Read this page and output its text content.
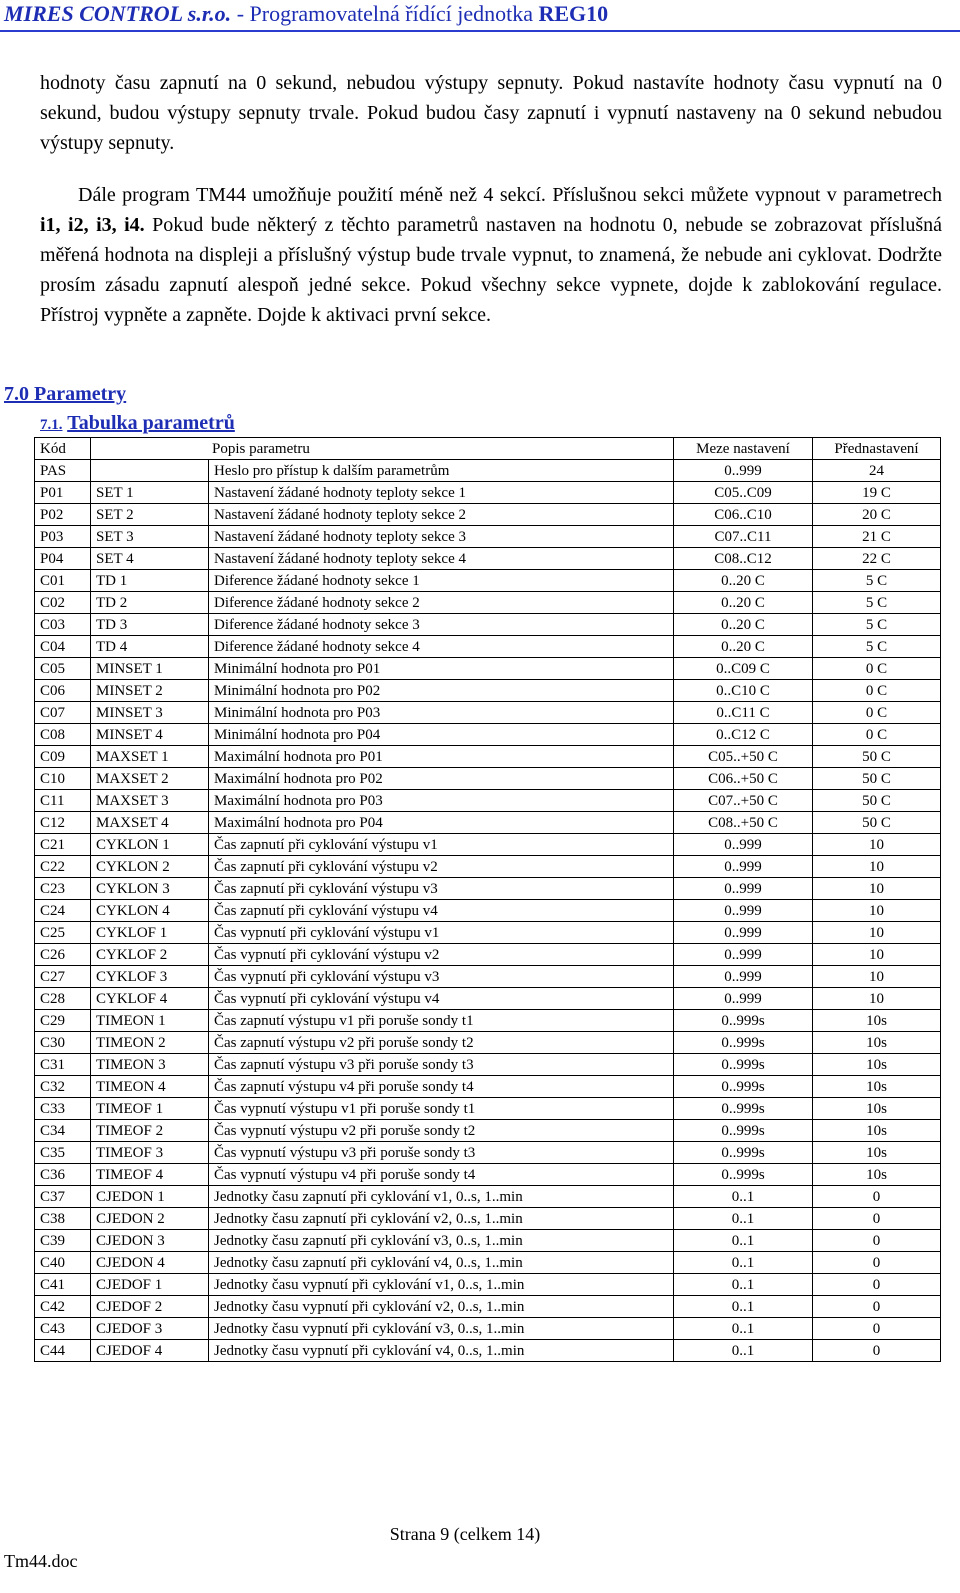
MIRES CONTROL s.r.o. - Programovatelná řídící jednotka REG10

hodnoty času zapnutí na 0 sekund, nebudou výstupy sepnuty. Pokud nastavíte hodnoty času vypnutí na 0 sekund, budou výstupy sepnuty trvale. Pokud budou časy zapnutí i vypnutí nastaveny na 0 sekund nebudou výstupy sepnuty.

Dále program TM44 umožňuje použití méně než 4 sekcí. Příslušnou sekci můžete vypnout v parametrech i1, i2, i3, i4. Pokud bude některý z těchto parametrů nastaven na hodnotu 0, nebude se zobrazovat příslušná měřená hodnota na displeji a příslušný výstup bude trvale vypnut, to znamená, že nebude ani cyklovat. Dodržte prosím zásadu zapnutí alespoň jedné sekce. Pokud všechny sekce vypnete, dojde k zablokování regulace. Přístroj vypněte a zapněte. Dojde k aktivaci první sekce.

7.0 Parametry
7.1. Tabulka parametrů
Kód	Popis parametru		Meze nastavení	Přednastavení
PAS		Heslo pro přístup k dalším parametrům	0..999	24
P01	SET 1	Nastavení žádané hodnoty teploty sekce 1	C05..C09	19 C
P02	SET 2	Nastavení žádané hodnoty teploty sekce 2	C06..C10	20 C
P03	SET 3	Nastavení žádané hodnoty teploty sekce 3	C07..C11	21 C
P04	SET 4	Nastavení žádané hodnoty teploty sekce 4	C08..C12	22 C
C01	TD 1	Diference žádané hodnoty sekce 1	0..20 C	5 C
C02	TD 2	Diference žádané hodnoty sekce 2	0..20 C	5 C
C03	TD 3	Diference žádané hodnoty sekce 3	0..20 C	5 C
C04	TD 4	Diference žádané hodnoty sekce 4	0..20 C	5 C
C05	MINSET 1	Minimální hodnota pro P01	0..C09 C	0 C
C06	MINSET 2	Minimální hodnota pro P02	0..C10 C	0 C
C07	MINSET 3	Minimální hodnota pro P03	0..C11 C	0 C
C08	MINSET 4	Minimální hodnota pro P04	0..C12 C	0 C
C09	MAXSET 1	Maximální hodnota pro P01	C05..+50 C	50 C
C10	MAXSET 2	Maximální hodnota pro P02	C06..+50 C	50 C
C11	MAXSET 3	Maximální hodnota pro P03	C07..+50 C	50 C
C12	MAXSET 4	Maximální hodnota pro P04	C08..+50 C	50 C
C21	CYKLON 1	Čas zapnutí při cyklování výstupu v1	0..999	10
C22	CYKLON 2	Čas zapnutí při cyklování výstupu v2	0..999	10
C23	CYKLON 3	Čas zapnutí při cyklování výstupu v3	0..999	10
C24	CYKLON 4	Čas zapnutí při cyklování výstupu v4	0..999	10
C25	CYKLOF 1	Čas vypnutí při cyklování výstupu v1	0..999	10
C26	CYKLOF 2	Čas vypnutí při cyklování výstupu v2	0..999	10
C27	CYKLOF 3	Čas vypnutí při cyklování výstupu v3	0..999	10
C28	CYKLOF 4	Čas vypnutí při cyklování výstupu v4	0..999	10
C29	TIMEON 1	Čas zapnutí výstupu v1 při poruše sondy t1	0..999s	10s
C30	TIMEON 2	Čas zapnutí výstupu v2 při poruše sondy t2	0..999s	10s
C31	TIMEON 3	Čas zapnutí výstupu v3 při poruše sondy t3	0..999s	10s
C32	TIMEON 4	Čas zapnutí výstupu v4 při poruše sondy t4	0..999s	10s
C33	TIMEOF 1	Čas vypnutí výstupu v1 při poruše sondy t1	0..999s	10s
C34	TIMEOF 2	Čas vypnutí výstupu v2 při poruše sondy t2	0..999s	10s
C35	TIMEOF 3	Čas vypnutí výstupu v3 při poruše sondy t3	0..999s	10s
C36	TIMEOF 4	Čas vypnutí výstupu v4 při poruše sondy t4	0..999s	10s
C37	CJEDON 1	Jednotky času zapnutí při cyklování v1, 0..s, 1..min	0..1	0
C38	CJEDON 2	Jednotky času zapnutí při cyklování v2, 0..s, 1..min	0..1	0
C39	CJEDON 3	Jednotky času zapnutí při cyklování v3, 0..s, 1..min	0..1	0
C40	CJEDON 4	Jednotky času zapnutí při cyklování v4, 0..s, 1..min	0..1	0
C41	CJEDOF 1	Jednotky času vypnutí při cyklování v1, 0..s, 1..min	0..1	0
C42	CJEDOF 2	Jednotky času vypnutí při cyklování v2, 0..s, 1..min	0..1	0
C43	CJEDOF 3	Jednotky času vypnutí při cyklování v3, 0..s, 1..min	0..1	0
C44	CJEDOF 4	Jednotky času vypnutí při cyklování v4, 0..s, 1..min	0..1	0
Strana 9 (celkem 14)
Tm44.doc
